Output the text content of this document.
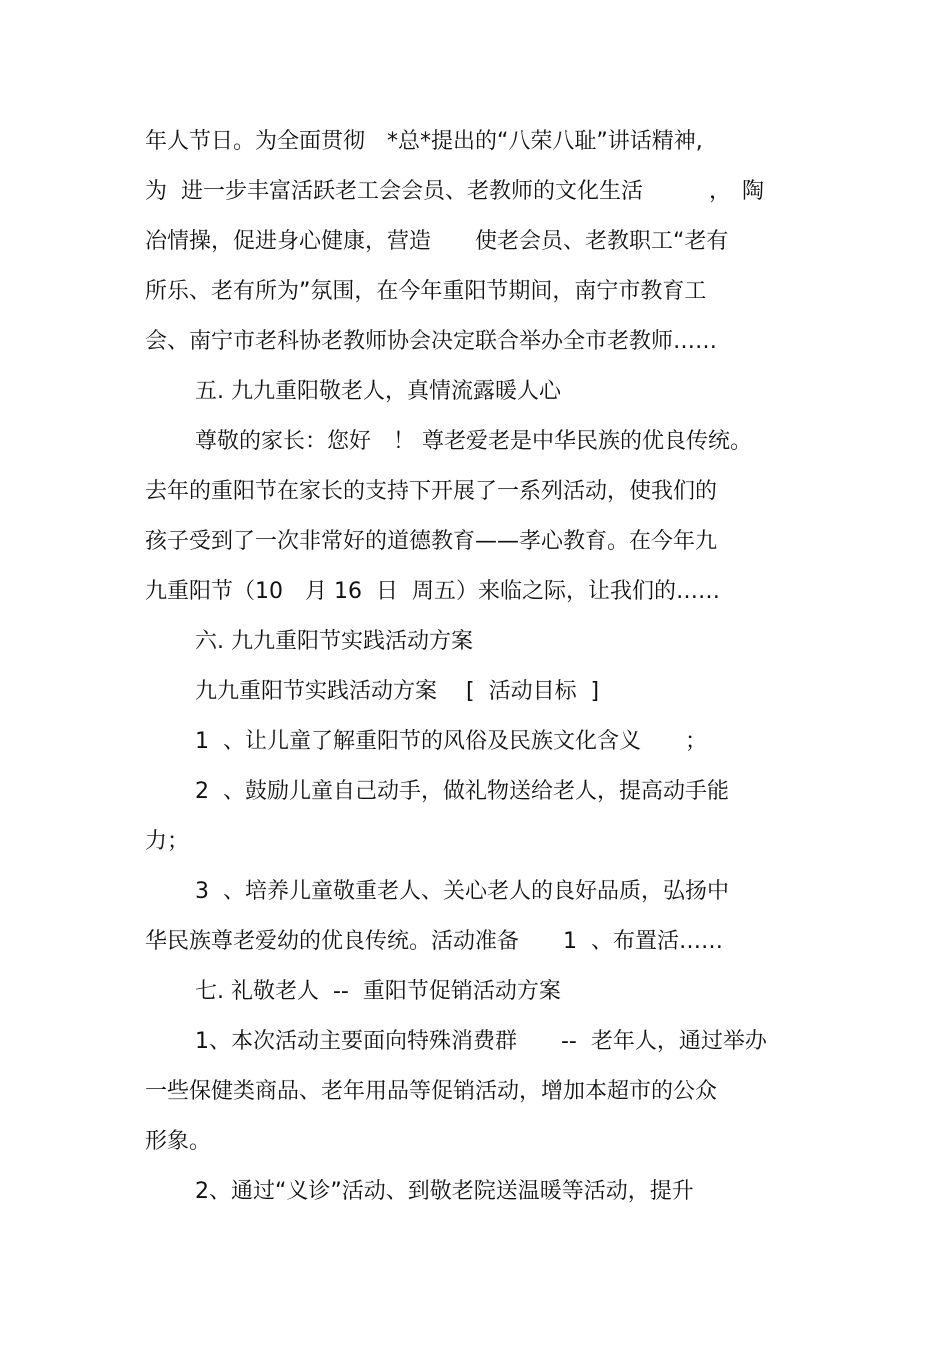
年人节日。为全面贯彻　*总*提出的“八荣八耻”讲话精神,
为  进一步丰富活跃老工会会员、老教师的文化生活　　　，　陶
冶情操，促进身心健康，营造　　使老会员、老教职工“老有
所乐、老有所为”氛围，在今年重阳节期间，南宁市教育工
会、南宁市老科协老教师协会决定联合举办全市老教师……
五. 九九重阳敬老人，真情流露暖人心
尊敬的家长：您好　！ 尊老爱老是中华民族的优良传统。
去年的重阳节在家长的支持下开展了一系列活动，使我们的
孩子受到了一次非常好的道德教育——孝心教育。在今年九
九重阳节（10　月 16  日  周五）来临之际，让我们的……
六. 九九重阳节实践活动方案
九九重阳节实践活动方案　 [  活动目标  ]
1  、让儿童了解重阳节的风俗及民族文化含义　　；
2  、鼓励儿童自己动手，做礼物送给老人，提高动手能
力；
3  、培养儿童敬重老人、关心老人的良好品质，弘扬中
华民族尊老爱幼的优良传统。活动准备　　1  、布置活……
七. 礼敬老人  --  重阳节促销活动方案
1、本次活动主要面向特殊消费群　　--  老年人，通过举办
一些保健类商品、老年用品等促销活动，增加本超市的公众
形象。
2、通过“义诊”活动、到敬老院送温暖等活动，提升
